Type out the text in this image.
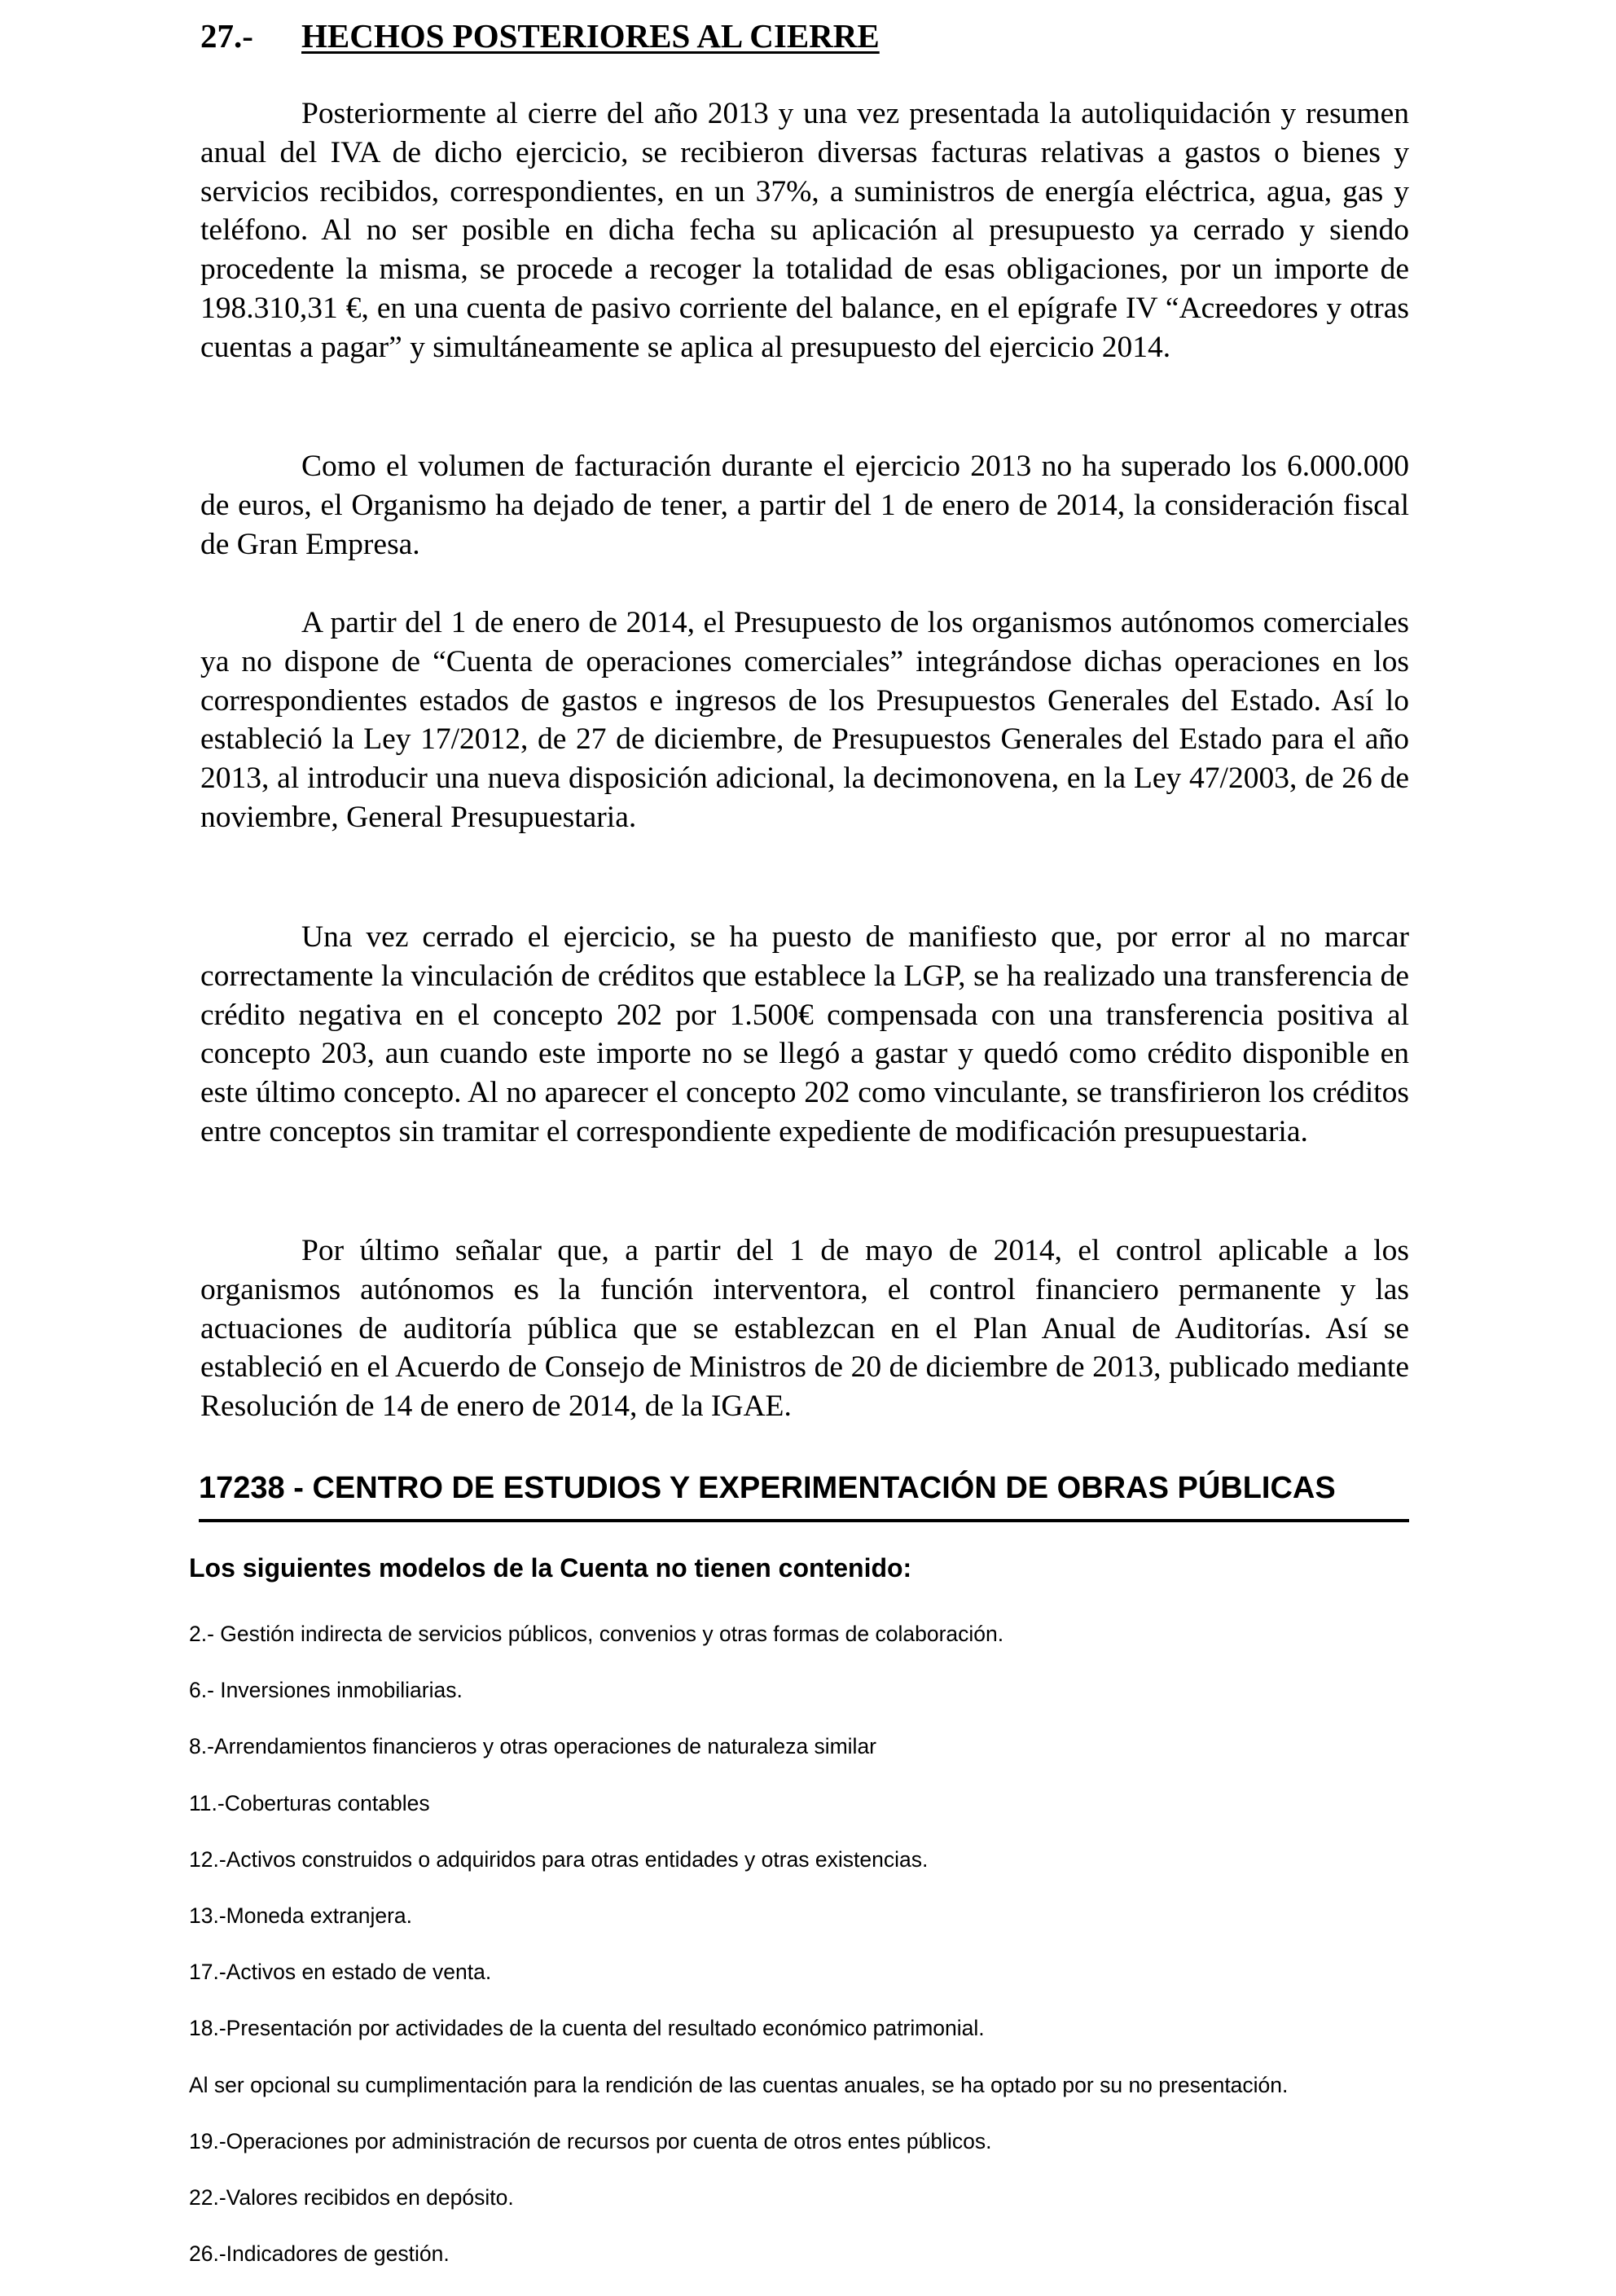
27.- HECHOS POSTERIORES AL CIERRE

Posteriormente al cierre del año 2013 y una vez presentada la autoliquidación y resumen anual del IVA de dicho ejercicio, se recibieron diversas facturas relativas a gastos o bienes y servicios recibidos, correspondientes, en un 37%, a suministros de energía eléctrica, agua, gas y teléfono. Al no ser posible en dicha fecha su aplicación al presupuesto ya cerrado y siendo procedente la misma, se procede a recoger la totalidad de esas obligaciones, por un importe de 198.310,31 €, en una cuenta de pasivo corriente del balance, en el epígrafe IV “Acreedores y otras cuentas a pagar” y simultáneamente se aplica al presupuesto del ejercicio 2014.

Como el volumen de facturación durante el ejercicio 2013 no ha superado los 6.000.000 de euros, el Organismo ha dejado de tener, a partir del 1 de enero de 2014, la consideración fiscal de Gran Empresa.

A partir del 1 de enero de 2014, el Presupuesto de los organismos autónomos comerciales ya no dispone de “Cuenta de operaciones comerciales” integrándose dichas operaciones en los correspondientes estados de gastos e ingresos de los Presupuestos Generales del Estado. Así lo estableció la Ley 17/2012, de 27 de diciembre, de Presupuestos Generales del Estado para el año 2013, al introducir una nueva disposición adicional, la decimonovena, en la Ley 47/2003, de 26 de noviembre, General Presupuestaria.

Una vez cerrado el ejercicio, se ha puesto de manifiesto que, por error al no marcar correctamente la vinculación de créditos que establece la LGP, se ha realizado una transferencia de crédito negativa en el concepto 202 por 1.500€ compensada con una transferencia positiva al concepto 203, aun cuando este importe no se llegó a gastar y quedó como crédito disponible en este último concepto. Al no aparecer el concepto 202 como vinculante, se transfirieron los créditos entre conceptos sin tramitar el correspondiente expediente de modificación presupuestaria.

Por último señalar que, a partir del 1 de mayo de 2014, el control aplicable a los organismos autónomos es la función interventora, el control financiero permanente y las actuaciones de auditoría pública que se establezcan en el Plan Anual de Auditorías. Así se estableció en el Acuerdo de Consejo de Ministros de 20 de diciembre de 2013, publicado mediante Resolución de 14 de enero de 2014, de la IGAE.

17238 - CENTRO DE ESTUDIOS Y EXPERIMENTACIÓN DE OBRAS PÚBLICAS
Los siguientes modelos de la Cuenta no tienen contenido:
2.- Gestión indirecta de servicios públicos, convenios y otras formas de colaboración.
6.- Inversiones inmobiliarias.
8.-Arrendamientos financieros y otras operaciones de naturaleza similar
11.-Coberturas contables
12.-Activos construidos o adquiridos para otras entidades y otras existencias.
13.-Moneda extranjera.
17.-Activos en estado de venta.
18.-Presentación por actividades de la cuenta del resultado económico patrimonial.
Al ser opcional su cumplimentación para la rendición de las cuentas anuales, se ha optado por su no presentación.
19.-Operaciones por administración de recursos por cuenta de otros entes públicos.
22.-Valores recibidos en depósito.
26.-Indicadores de gestión.
